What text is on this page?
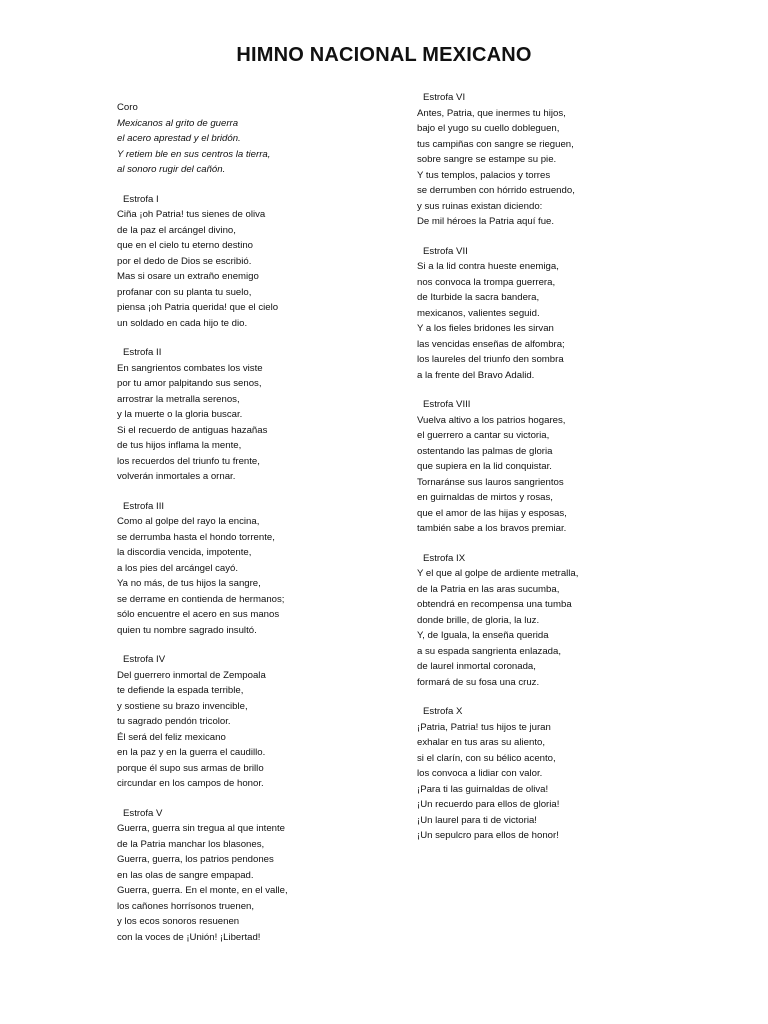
HIMNO NACIONAL MEXICANO
Coro
Mexicanos al grito de guerra
el acero aprestad y el bridón.
Y retiem ble en sus centros la tierra,
al sonoro rugir del cañón.
Estrofa I
Ciña ¡oh Patria! tus sienes de oliva
de la paz el arcángel divino,
que en el cielo tu eterno destino
por el dedo de Dios se escribió.
Mas si osare un extraño enemigo
profanar con su planta tu suelo,
piensa ¡oh Patria querida! que el cielo
un soldado en cada hijo te dio.
Estrofa II
En sangrientos combates los viste
por tu amor palpitando sus senos,
arrostrar la metralla serenos,
y la muerte o la gloria buscar.
Si el recuerdo de antiguas hazañas
de tus hijos inflama la mente,
los recuerdos del triunfo tu frente,
volverán inmortales a ornar.
Estrofa III
Como al golpe del rayo la encina,
se derrumba hasta el hondo torrente,
la discordia vencida, impotente,
a los pies del arcángel cayó.
Ya no más, de tus hijos la sangre,
se derrame en contienda de hermanos;
sólo encuentre el acero en sus manos
quien tu nombre sagrado insultó.
Estrofa IV
Del guerrero inmortal de Zempoala
te defiende la espada terrible,
y sostiene su brazo invencible,
tu sagrado pendón tricolor.
Él será del feliz mexicano
en la paz y en la guerra el caudillo.
porque él supo sus armas de brillo
circundar en los campos de honor.
Estrofa V
Guerra, guerra sin tregua al que intente
de la Patria manchar los blasones,
Guerra, guerra, los patrios pendones
en las olas de sangre empapad.
Guerra, guerra. En el monte, en el valle,
los cañones horrísonos truenen,
y los ecos sonoros resuenen
con la voces de ¡Unión! ¡Libertad!
Estrofa VI
Antes, Patria, que inermes tu hijos,
bajo el yugo su cuello dobleguen,
tus campiñas con sangre se rieguen,
sobre sangre se estampe su pie.
Y tus templos, palacios y torres
se derrumben con hórrido estruendo,
y sus ruinas existan diciendo:
De mil héroes la Patria aquí fue.
Estrofa VII
Si a la lid contra hueste enemiga,
nos convoca la trompa guerrera,
de Iturbide la sacra bandera,
mexicanos, valientes seguid.
Y a los fieles bridones les sirvan
las vencidas enseñas de alfombra;
los laureles del triunfo den sombra
a la frente del Bravo Adalid.
Estrofa VIII
Vuelva altivo a los patrios hogares,
el guerrero a cantar su victoria,
ostentando las palmas de gloria
que supiera en la lid conquistar.
Tornaránse sus lauros sangrientos
en guirnaldas de mirtos y rosas,
que el amor de las hijas y esposas,
también sabe a los bravos premiar.
Estrofa IX
Y el que al golpe de ardiente metralla,
de la Patria en las aras sucumba,
obtendrá en recompensa una tumba
donde brille, de gloria, la luz.
Y, de Iguala, la enseña querida
a su espada sangrienta enlazada,
de laurel inmortal coronada,
formará de su fosa una cruz.
Estrofa X
¡Patria, Patria! tus hijos te juran
exhalar en tus aras su aliento,
si el clarín, con su bélico acento,
los convoca a lidiar con valor.
¡Para ti las guirnaldas de oliva!
¡Un recuerdo para ellos de gloria!
¡Un laurel para ti de victoria!
¡Un sepulcro para ellos de honor!
